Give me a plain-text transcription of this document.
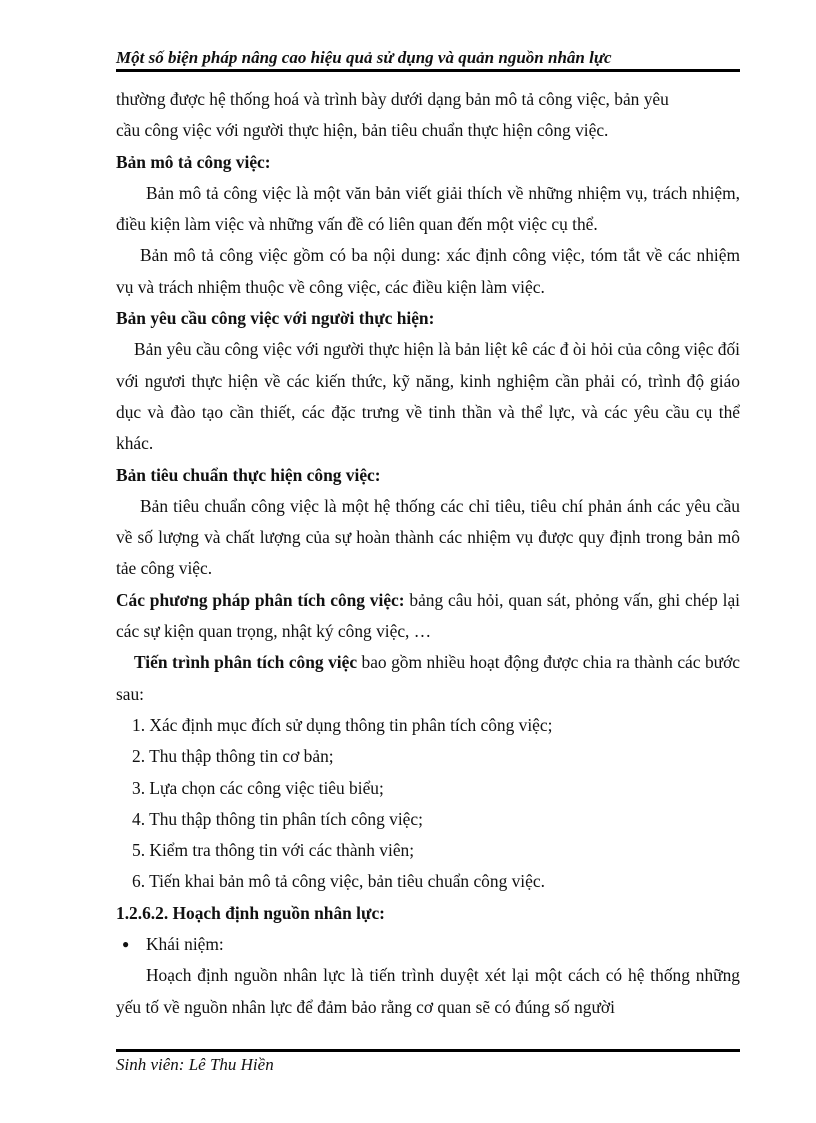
Một số biện pháp nâng cao hiệu quả sử dụng và quản nguồn nhân lực
thường được hệ thống hoá và trình bày dưới dạng bản mô tả công việc, bản yêu
cầu công việc với người thực hiện, bản tiêu chuẩn thực hiện công việc.

Bản mô tả công việc:

Bản mô tả công việc là một văn bản viết giải thích về những nhiệm vụ, trách nhiệm, điều kiện làm việc và những vấn đề có liên quan đến một việc cụ thể.

Bản mô tả công việc gồm có ba nội dung: xác định công việc, tóm tắt về các nhiệm vụ và trách nhiệm thuộc về công việc, các điều kiện làm việc.

Bản yêu cầu công việc với người thực hiện:

Bản yêu cầu công việc với người thực hiện là bản liệt kê các đ òi hỏi của công việc đối với ngươi thực hiện về các kiến thức, kỹ năng, kinh nghiệm cần phải có, trình độ giáo dục và đào tạo cần thiết, các đặc trưng về tinh thần và thể lực, và các yêu cầu cụ thể khác.

Bản tiêu chuẩn thực hiện công việc:

Bản tiêu chuẩn công việc là một hệ thống các chỉ tiêu, tiêu chí phản ánh các yêu cầu về số lượng và chất lượng của sự hoàn thành các nhiệm vụ được quy định trong bản mô tảe công việc.

Các phương pháp phân tích công việc: bảng câu hỏi, quan sát, phỏng vấn, ghi chép lại các sự kiện quan trọng, nhật ký công việc, …

Tiến trình phân tích công việc bao gồm nhiều hoạt động được chia ra thành các bước sau:

1. Xác định mục đích sử dụng thông tin phân tích công việc;
2. Thu thập thông tin cơ bản;
3. Lựa chọn các công việc tiêu biểu;
4. Thu thập thông tin phân tích công việc;
5. Kiểm tra thông tin với các thành viên;
6. Tiến khai bản mô tả công việc, bản tiêu chuẩn công việc.

1.2.6.2. Hoạch định nguồn nhân lực:

● Khái niệm:

Hoạch định nguồn nhân lực là tiến trình duyệt xét lại một cách có hệ thống những yếu tố về nguồn nhân lực để đảm bảo rằng cơ quan sẽ có đúng số người

Sinh viên: Lê Thu Hiền
